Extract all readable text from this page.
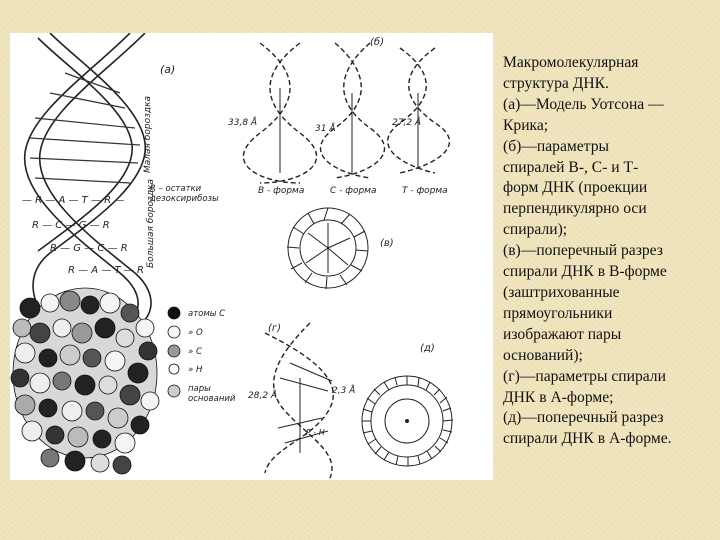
— R — A — T — R —
R — C — G — R
R — G — C — R
R — A — T — R
(а)
Малая бороздка
Большая бороздка
R – остатки
дезоксирибозы
атомы С
» О
» С
» Н
пары
оснований
(б)
33,8 Å
31 Å
27,2 Å
В - форма	С - форма	Т - форма
(в)
(г)
28,2 Å	2,3 Å
Р - Н
(д)
Макромолекулярная
структура ДНК.
(а)—Модель Уотсона —
Крика;
(б)—параметры
спиралей В-, С- и Т-
форм ДНК (проекции
перпендикулярно оси
спирали);
(в)—поперечный разрез
спирали ДНК в В-форме
(заштрихованные
прямоугольники
изображают пары
оснований);
(г)—параметры спирали
ДНК в А-форме;
(д)—поперечный разрез
спирали ДНК в А-форме.
